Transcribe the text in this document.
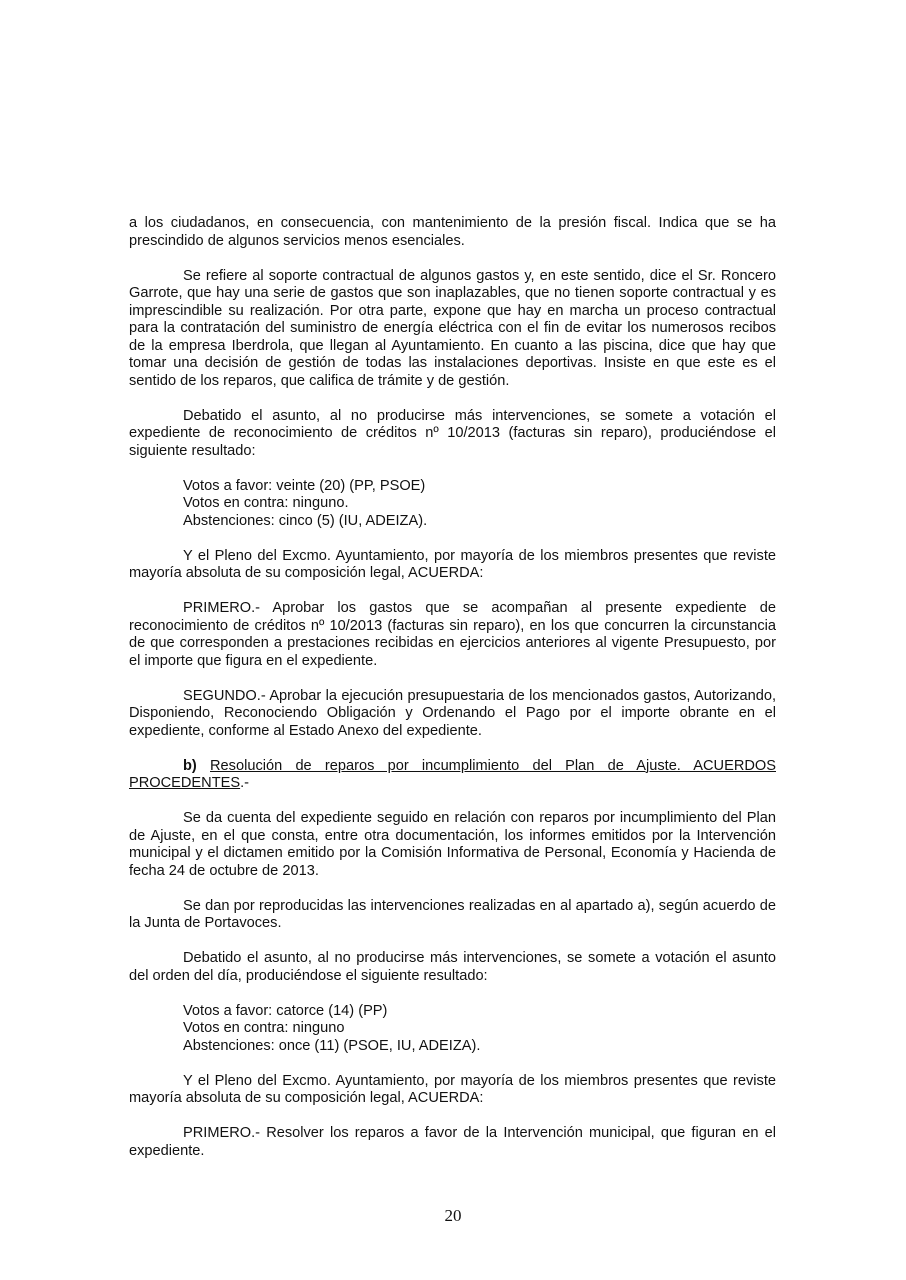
a los ciudadanos, en consecuencia, con mantenimiento de la presión fiscal. Indica que se ha prescindido de algunos servicios menos esenciales.

Se refiere al soporte contractual de algunos gastos y, en este sentido, dice el Sr. Roncero Garrote, que hay una serie de gastos que son inaplazables, que no tienen soporte contractual y es imprescindible su realización. Por otra parte, expone que hay en marcha un proceso contractual para la contratación del suministro de energía eléctrica con el fin de evitar los numerosos recibos de la empresa Iberdrola, que llegan al Ayuntamiento. En cuanto a las piscina, dice que hay que tomar una decisión de gestión de todas las instalaciones deportivas. Insiste en que este es el sentido de los reparos, que califica de trámite y de gestión.

Debatido el asunto, al no producirse más intervenciones, se somete a votación el expediente de reconocimiento de créditos nº 10/2013 (facturas sin reparo), produciéndose el siguiente resultado:

Votos a favor: veinte (20) (PP, PSOE)
Votos en contra: ninguno.
Abstenciones: cinco (5) (IU, ADEIZA).

Y el Pleno del Excmo. Ayuntamiento, por mayoría de los miembros presentes que reviste mayoría absoluta de su composición legal, ACUERDA:

PRIMERO.- Aprobar los gastos que se acompañan al presente expediente de reconocimiento de créditos nº 10/2013 (facturas sin reparo), en los que concurren la circunstancia de que corresponden a prestaciones recibidas en ejercicios anteriores al vigente Presupuesto, por el importe que figura en el expediente.

SEGUNDO.- Aprobar la ejecución presupuestaria de los mencionados gastos, Autorizando, Disponiendo, Reconociendo Obligación y Ordenando el Pago por el importe obrante en el expediente, conforme al Estado Anexo del expediente.

b) Resolución de reparos por incumplimiento del Plan de Ajuste. ACUERDOS PROCEDENTES.-

Se da cuenta del expediente seguido en relación con reparos por incumplimiento del Plan de Ajuste, en el que consta, entre otra documentación, los informes emitidos por la Intervención municipal y el dictamen emitido por la Comisión Informativa de Personal, Economía y Hacienda de fecha 24 de octubre de 2013.

Se dan por reproducidas las intervenciones realizadas en al apartado a), según acuerdo de la Junta de Portavoces.

Debatido el asunto, al no producirse más intervenciones, se somete a votación el asunto del orden del día, produciéndose el siguiente resultado:

Votos a favor: catorce (14) (PP)
Votos en contra: ninguno
Abstenciones: once (11) (PSOE, IU, ADEIZA).

Y el Pleno del Excmo. Ayuntamiento, por mayoría de los miembros presentes que reviste mayoría absoluta de su composición legal, ACUERDA:

PRIMERO.- Resolver los reparos a favor de la Intervención municipal, que figuran en el expediente.

20
